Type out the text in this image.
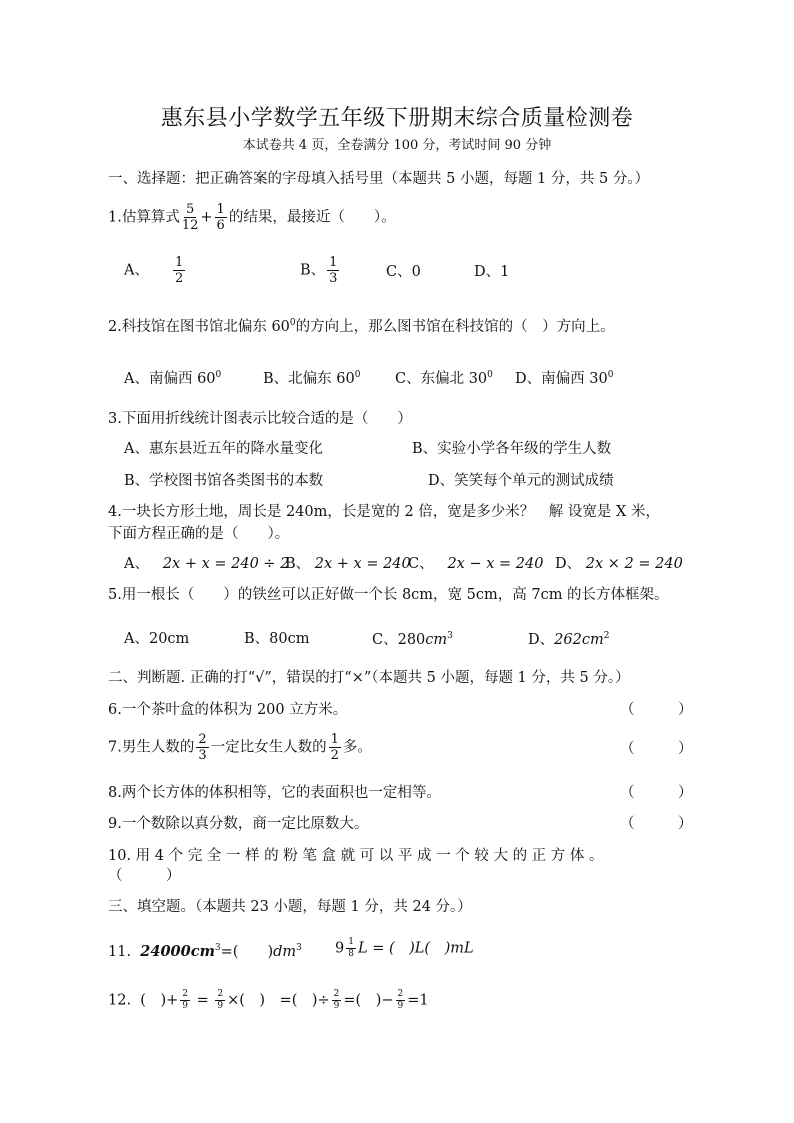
惠东县小学数学五年级下册期末综合质量检测卷
本试卷共 4 页，全卷满分 100 分，考试时间 90 分钟
一、选择题：把正确答案的字母填入括号里（本题共 5 小题，每题 1 分，共 5 分。）
1.估算算式 $\frac{5}{12} + \frac{1}{6}$ 的结果，最接近（　　）。
A、 $\frac{1}{2}$	B、 $\frac{1}{3}$	C、0	D、1
2.科技馆在图书馆北偏东 $60^0$的方向上，那么图书馆在科技馆的（　）方向上。
A、南偏西 $60^0$	B、北偏东 $60^0$ C、东偏北 $30^0$ D、南偏西 $30^0$
3.下面用折线统计图表示比较合适的是（　　）
A、惠东县近五年的降水量变化	B、实验小学各年级的学生人数
B、学校图书馆各类图书的本数	D、笑笑每个单元的测试成绩
4.一块长方形土地，周长是 240m，长是宽的 2 倍，宽是多少米？　解 设宽是 X 米，
下面方程正确的是（　　）。
A、 2x + x = 240 ÷ 2
B、 2x + x = 240
C、 2x − x = 240 D、 2x × 2 = 240
5.用一根长（　　）的铁丝可以正好做一个长 8cm，宽 5cm，高 7cm 的长方体框架。
A、20cm	B、80cm	C、$280cm^3$	D、$262cm^2$
二、判断题. 正确的打“√”，错误的打“×”（本题共 5 小题，每题 1 分，共 5 分。）
6.一个茶叶盒的体积为 200 立方米。	（　　　）
7.男生人数的 $\frac{2}{3}$ 一定比女生人数的 $\frac{1}{2}$ 多。	（　　　）
8.两个长方体的体积相等，它的表面积也一定相等。	（　　　）
9.一个数除以真分数，商一定比原数大。	（　　　）
10. 用 4 个 完 全 一 样 的 粉 笔 盒 就 可 以 平 成 一 个 较 大 的 正 方 体 。
（　　　）
三、填空题。（本题共 23 小题，每题 1 分，共 24 分。）
11. $24000cm^3=$(　　)$dm^3$ $9 \frac{1}{8}$ L = (　)L(　)mL
12. (　)+ $\frac{2}{9} = \frac{2}{9}$ ×(　)　=(　)÷ $\frac{2}{9}$ =(　)− $\frac{2}{9} =1$
